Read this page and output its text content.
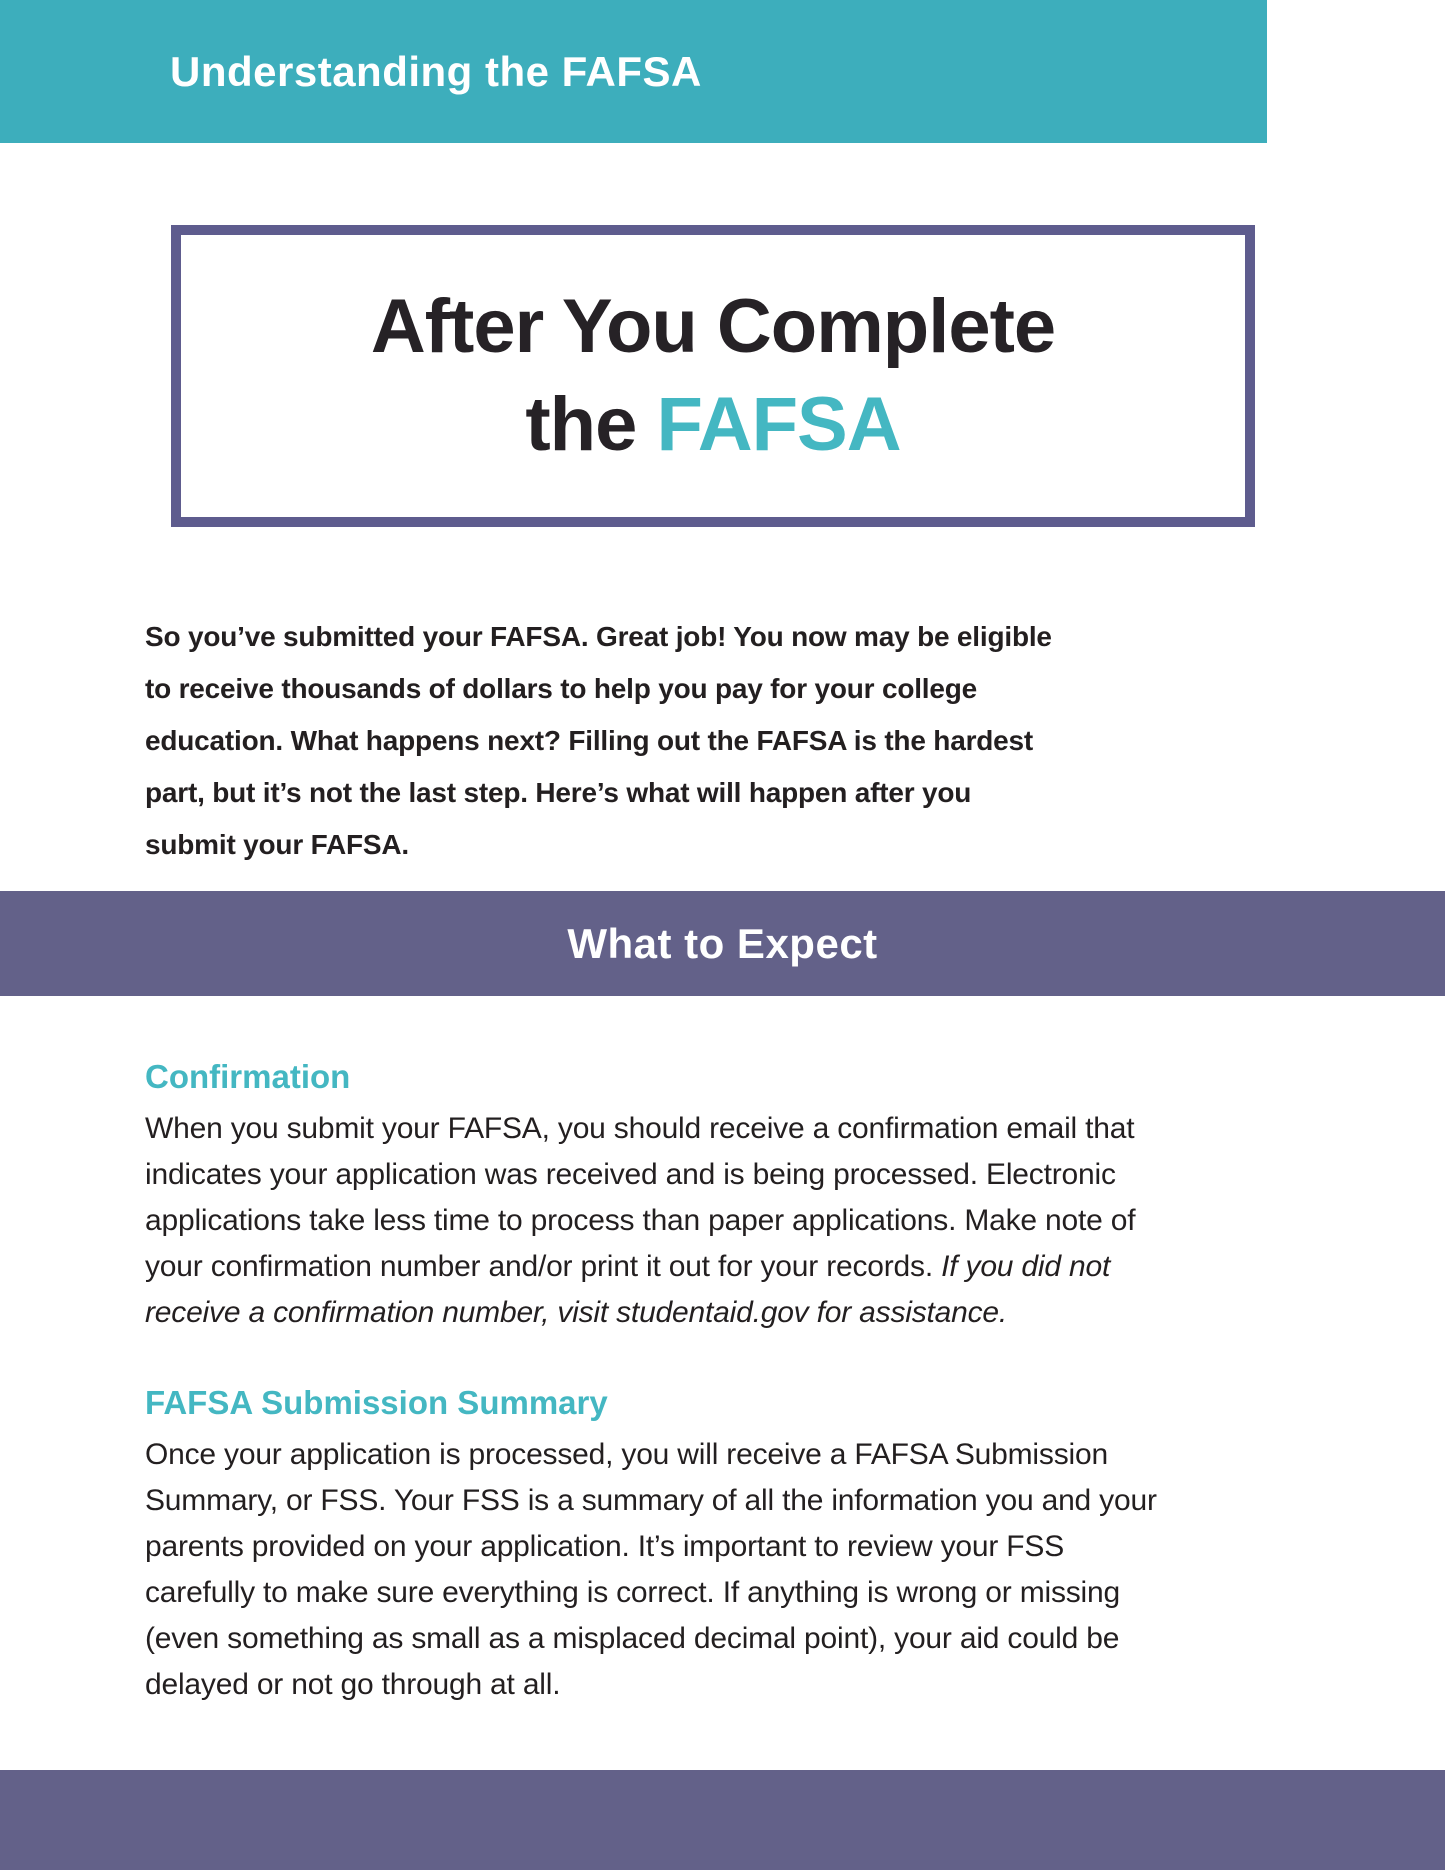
Understanding the FAFSA
After You Complete
the FAFSA

So you’ve submitted your FAFSA. Great job! You now may be eligible
to receive thousands of dollars to help you pay for your college
education. What happens next? Filling out the FAFSA is the hardest
part, but it’s not the last step. Here’s what will happen after you
submit your FAFSA.

What to Expect
Confirmation

When you submit your FAFSA, you should receive a confirmation email that
indicates your application was received and is being processed. Electronic
applications take less time to process than paper applications. Make note of
your confirmation number and/or print it out for your records. If you did not
receive a confirmation number, visit studentaid.gov for assistance.

FAFSA Submission Summary

Once your application is processed, you will receive a FAFSA Submission
Summary, or FSS. Your FSS is a summary of all the information you and your
parents provided on your application. It’s important to review your FSS
carefully to make sure everything is correct. If anything is wrong or missing
(even something as small as a misplaced decimal point), your aid could be
delayed or not go through at all.
